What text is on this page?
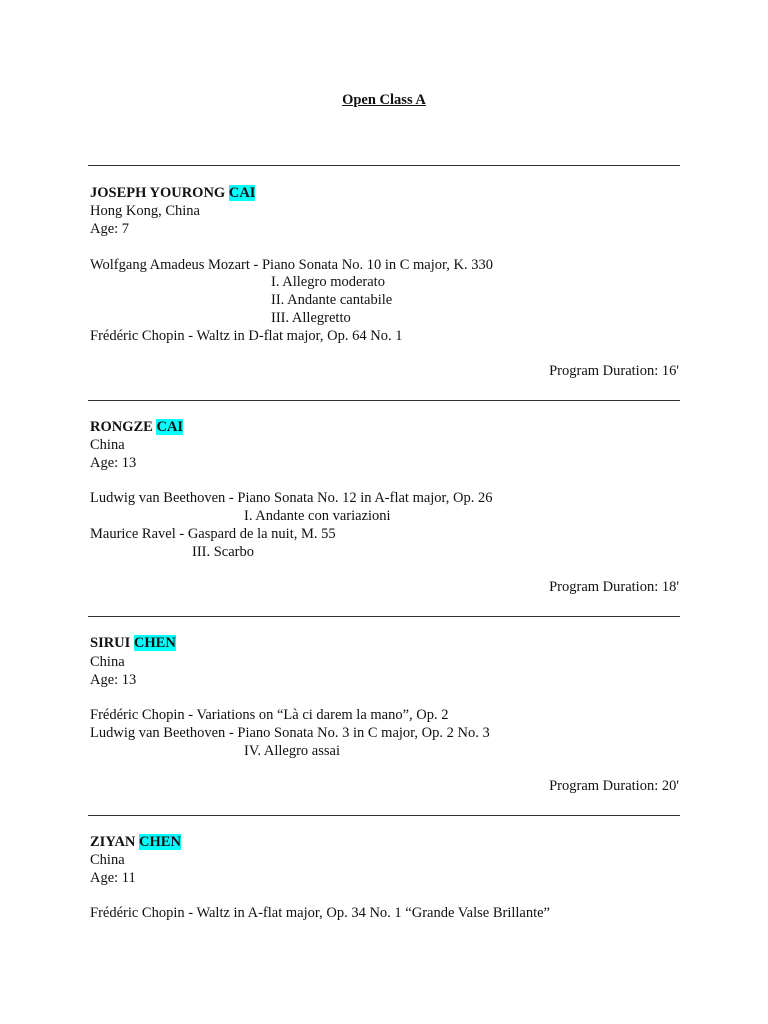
Open Class A
JOSEPH YOURONG CAI
Hong Kong, China
Age: 7
Wolfgang Amadeus Mozart - Piano Sonata No. 10 in C major, K. 330
I. Allegro moderato
II. Andante cantabile
III. Allegretto
Frédéric Chopin - Waltz in D-flat major, Op. 64 No. 1
Program Duration: 16'
RONGZE CAI
China
Age: 13
Ludwig van Beethoven - Piano Sonata No. 12 in A-flat major, Op. 26
I. Andante con variazioni
Maurice Ravel - Gaspard de la nuit, M. 55
III. Scarbo
Program Duration: 18'
SIRUI CHEN
China
Age: 13
Frédéric Chopin - Variations on “Là ci darem la mano”, Op. 2
Ludwig van Beethoven - Piano Sonata No. 3 in C major, Op. 2 No. 3
IV. Allegro assai
Program Duration: 20'
ZIYAN CHEN
China
Age: 11
Frédéric Chopin - Waltz in A-flat major, Op. 34 No. 1 “Grande Valse Brillante”
